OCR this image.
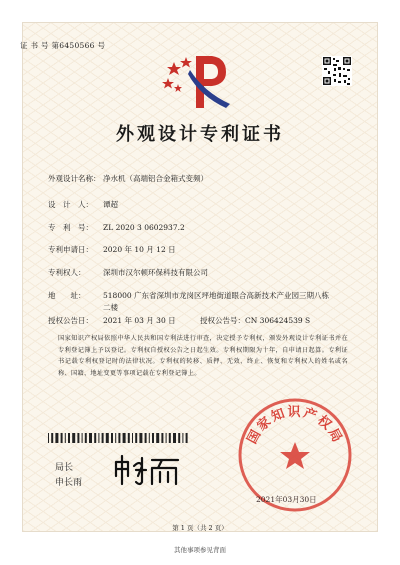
证 书 号 第6450566 号
外观设计专利证书
外观设计名称： 净水机（高端铝合金箱式变频）
设　计　人： 谭超
专　利　号： ZL 2020 3 0602937.2
专利申请日： 2020 年 10 月 12 日
专利权人： 深圳市汉尔顿环保科技有限公司
地　　址：	518000 广东省深圳市龙岗区坪地街道眼合高新技术产业园三期八栋二楼
授权公告日： 2021 年 03 月 30 日	授权公告号：CN 306424539 S
国家知识产权局依照中华人民共和国专利法进行审查，决定授予专利权，颁发外观设计专利证书并在专利登记簿上予以登记。专利权自授权公告之日起生效。专利权期限为十年，自申请日起算。专利证书记载专利权登记时的法律状况。专利权的转移、质押、无效、终止、恢复和专利权人的姓名或名称、国籍、地址变更等事项记载在专利登记簿上。
局长
申长雨
国家知识产权局
2021年03月30日
第 1 页（共 2 页）
其他事项参见背面
